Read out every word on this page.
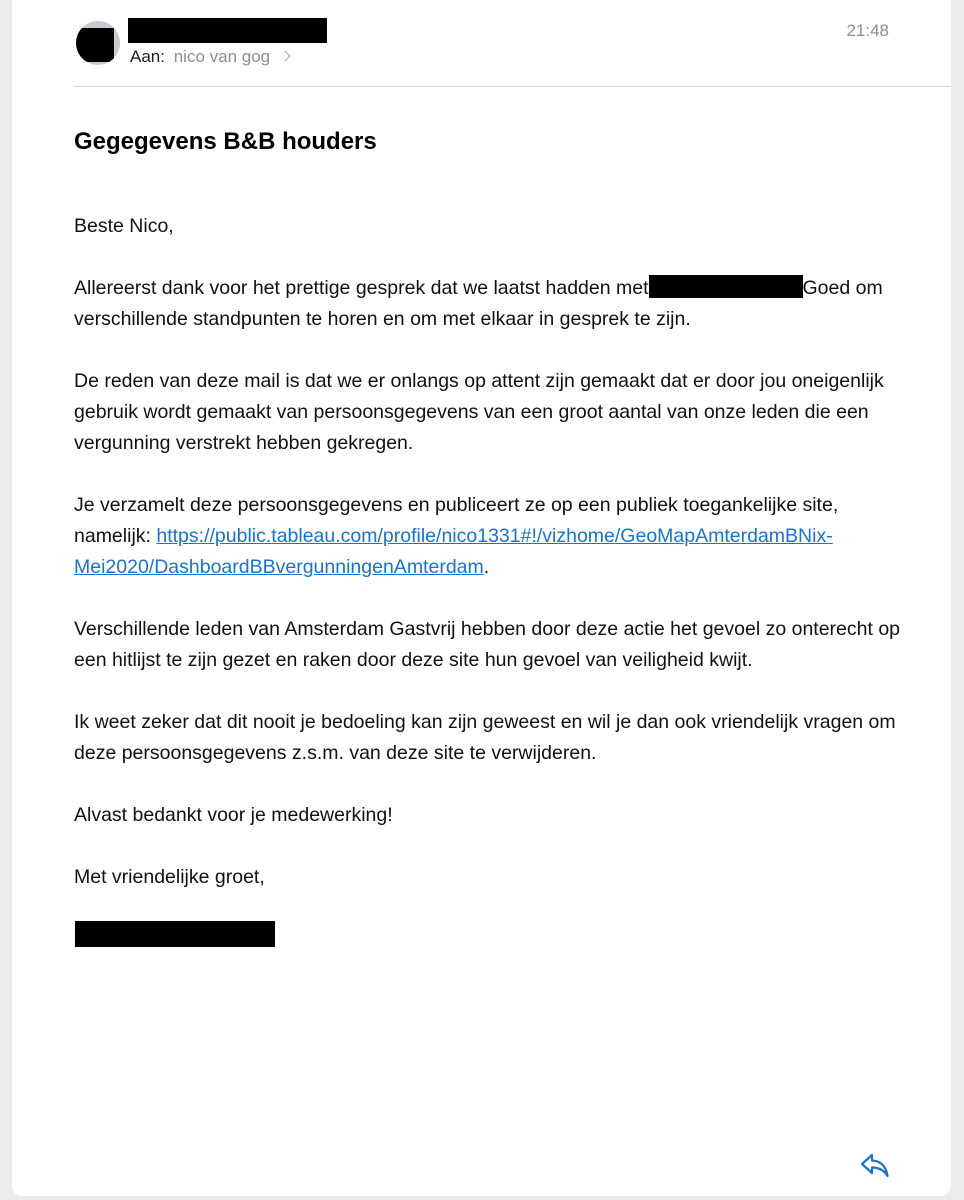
Aan: nico van gog
21:48
Gegegevens B&B houders

Beste Nico,

Allereerst dank voor het prettige gesprek dat we laatst hadden met	Goed om verschillende standpunten te horen en om met elkaar in gesprek te zijn.

De reden van deze mail is dat we er onlangs op attent zijn gemaakt dat er door jou oneigenlijk gebruik wordt gemaakt van persoonsgegevens van een groot aantal van onze leden die een vergunning verstrekt hebben gekregen.

Je verzamelt deze persoonsgegevens en publiceert ze op een publiek toegankelijke site, namelijk: https://public.tableau.com/profile/nico1331#!/vizhome/GeoMapAmterdamBNix-Mei2020/DashboardBBvergunningenAmterdam.

Verschillende leden van Amsterdam Gastvrij hebben door deze actie het gevoel zo onterecht op een hitlijst te zijn gezet en raken door deze site hun gevoel van veiligheid kwijt.

Ik weet zeker dat dit nooit je bedoeling kan zijn geweest en wil je dan ook vriendelijk vragen om deze persoonsgegevens z.s.m. van deze site te verwijderen.

Alvast bedankt voor je medewerking!

Met vriendelijke groet,
